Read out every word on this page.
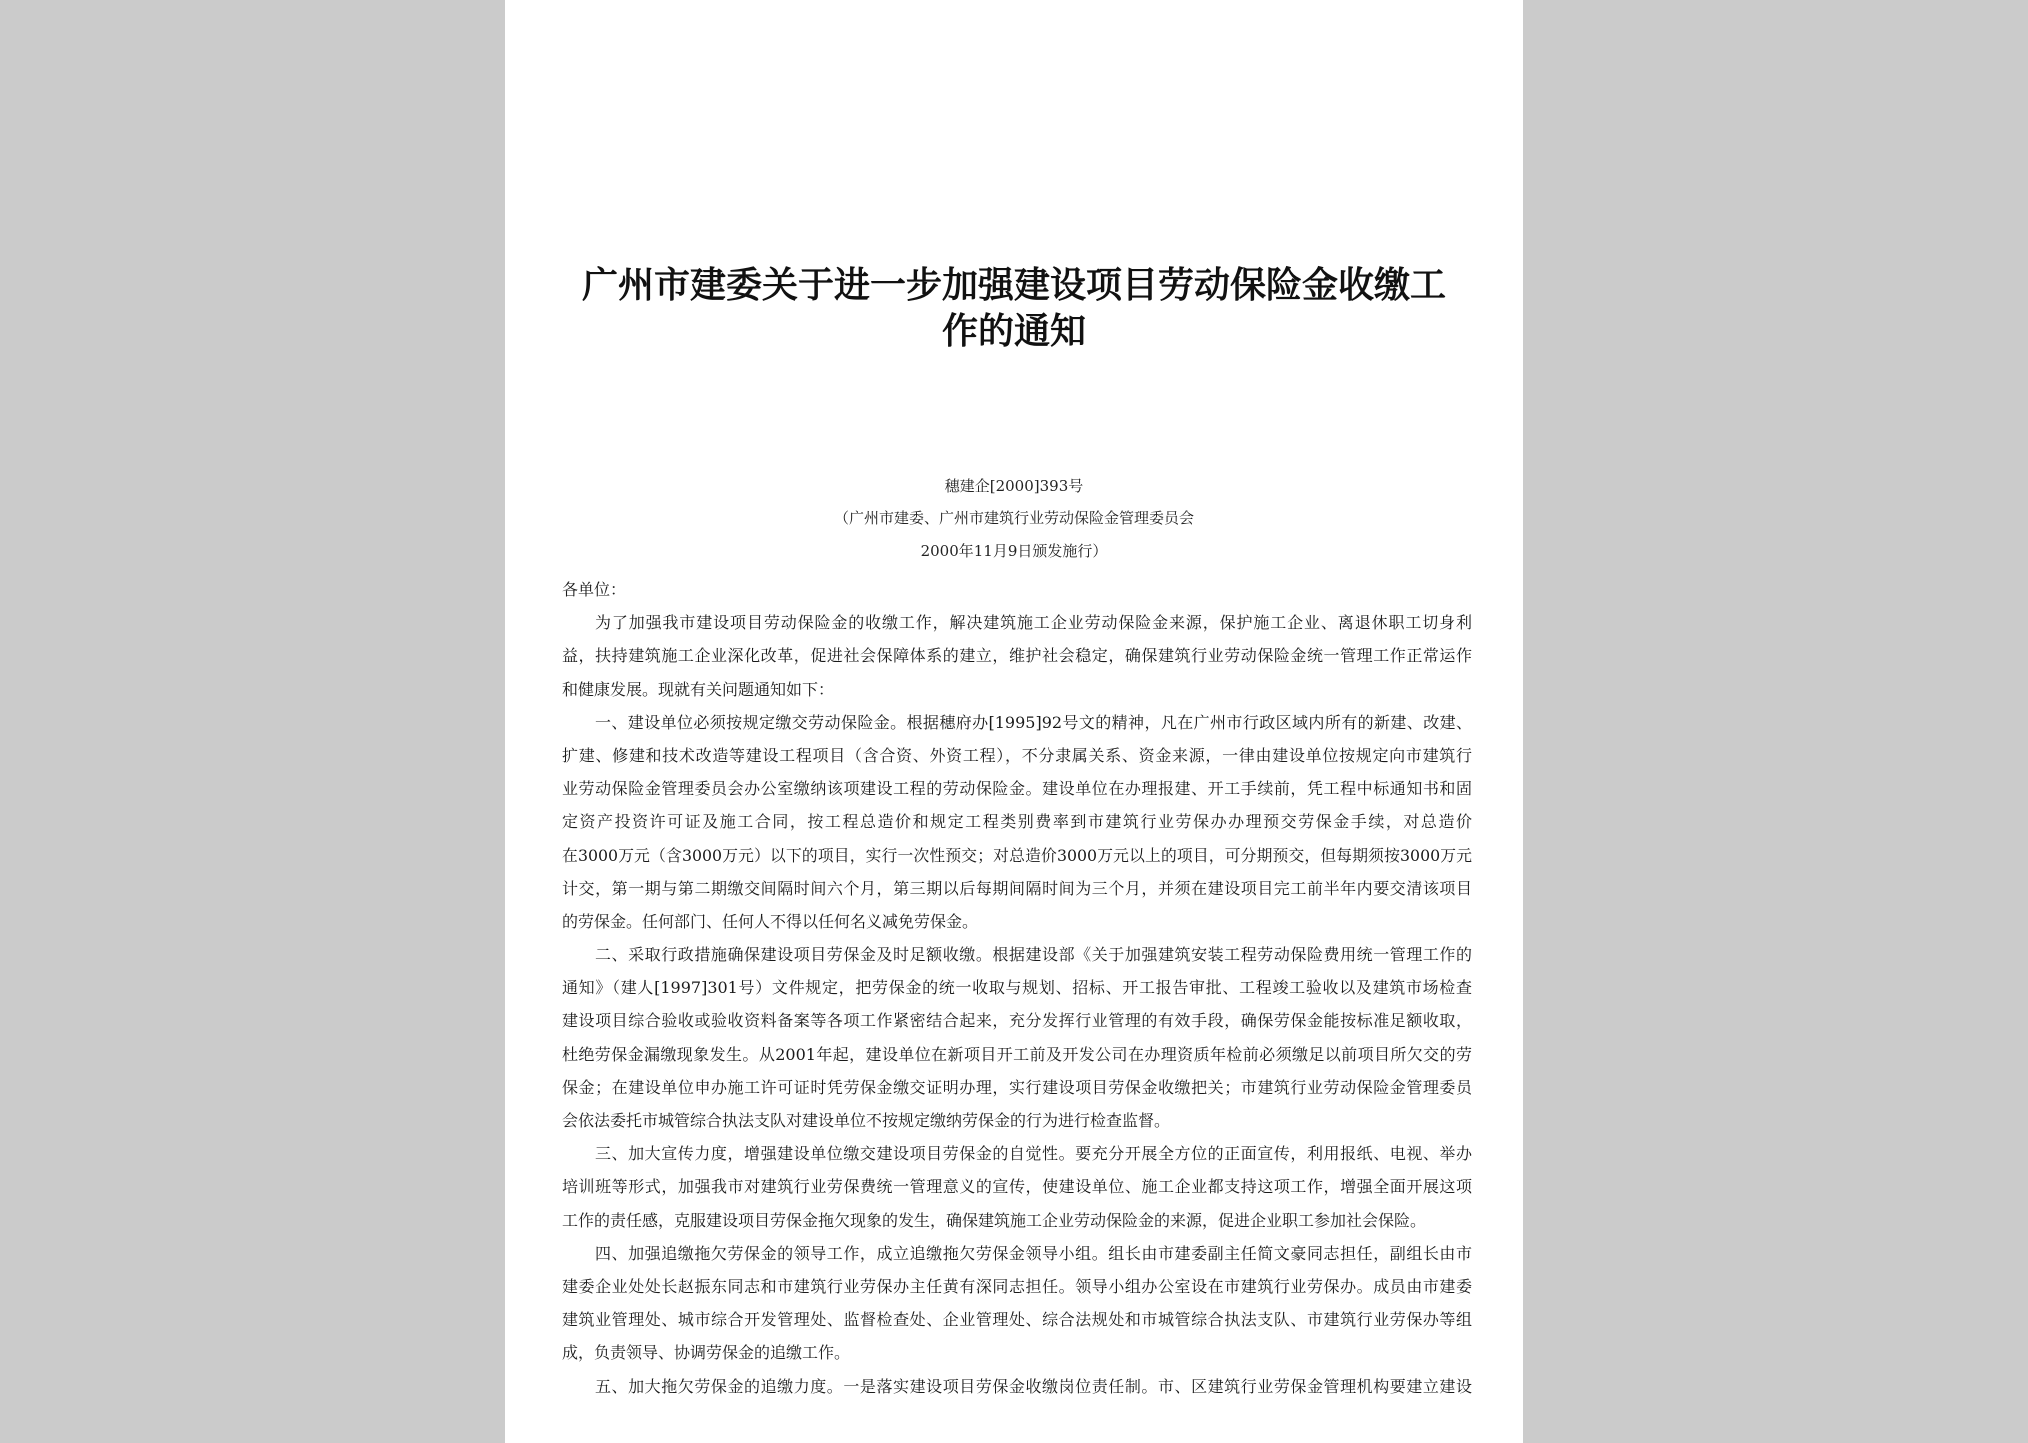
广州市建委关于进一步加强建设项目劳动保险金收缴工
作的通知
穗建企[2000]393号
（广州市建委、广州市建筑行业劳动保险金管理委员会
2000年11月9日颁发施行）
各单位：
为了加强我市建设项目劳动保险金的收缴工作，解决建筑施工企业劳动保险金来源，保护施工企业、离退休职工切身利
益，扶持建筑施工企业深化改革，促进社会保障体系的建立，维护社会稳定，确保建筑行业劳动保险金统一管理工作正常运作
和健康发展。现就有关问题通知如下：
一、建设单位必须按规定缴交劳动保险金。根据穗府办[1995]92号文的精神，凡在广州市行政区域内所有的新建、改建、
扩建、修建和技术改造等建设工程项目（含合资、外资工程），不分隶属关系、资金来源，一律由建设单位按规定向市建筑行
业劳动保险金管理委员会办公室缴纳该项建设工程的劳动保险金。建设单位在办理报建、开工手续前，凭工程中标通知书和固
定资产投资许可证及施工合同，按工程总造价和规定工程类别费率到市建筑行业劳保办办理预交劳保金手续，对总造价
在3000万元（含3000万元）以下的项目，实行一次性预交；对总造价3000万元以上的项目，可分期预交，但每期须按3000万元
计交，第一期与第二期缴交间隔时间六个月，第三期以后每期间隔时间为三个月，并须在建设项目完工前半年内要交清该项目
的劳保金。任何部门、任何人不得以任何名义减免劳保金。
二、采取行政措施确保建设项目劳保金及时足额收缴。根据建设部《关于加强建筑安装工程劳动保险费用统一管理工作的
通知》（建人[1997]301号）文件规定，把劳保金的统一收取与规划、招标、开工报告审批、工程竣工验收以及建筑市场检查
建设项目综合验收或验收资料备案等各项工作紧密结合起来，充分发挥行业管理的有效手段，确保劳保金能按标准足额收取，
杜绝劳保金漏缴现象发生。从2001年起，建设单位在新项目开工前及开发公司在办理资质年检前必须缴足以前项目所欠交的劳
保金；在建设单位申办施工许可证时凭劳保金缴交证明办理，实行建设项目劳保金收缴把关；市建筑行业劳动保险金管理委员
会依法委托市城管综合执法支队对建设单位不按规定缴纳劳保金的行为进行检查监督。
三、加大宣传力度，增强建设单位缴交建设项目劳保金的自觉性。要充分开展全方位的正面宣传，利用报纸、电视、举办
培训班等形式，加强我市对建筑行业劳保费统一管理意义的宣传，使建设单位、施工企业都支持这项工作，增强全面开展这项
工作的责任感，克服建设项目劳保金拖欠现象的发生，确保建筑施工企业劳动保险金的来源，促进企业职工参加社会保险。
四、加强追缴拖欠劳保金的领导工作，成立追缴拖欠劳保金领导小组。组长由市建委副主任简文豪同志担任，副组长由市
建委企业处处长赵振东同志和市建筑行业劳保办主任黄有深同志担任。领导小组办公室设在市建筑行业劳保办。成员由市建委
建筑业管理处、城市综合开发管理处、监督检查处、企业管理处、综合法规处和市城管综合执法支队、市建筑行业劳保办等组
成，负责领导、协调劳保金的追缴工作。
五、加大拖欠劳保金的追缴力度。一是落实建设项目劳保金收缴岗位责任制。市、区建筑行业劳保金管理机构要建立建设
